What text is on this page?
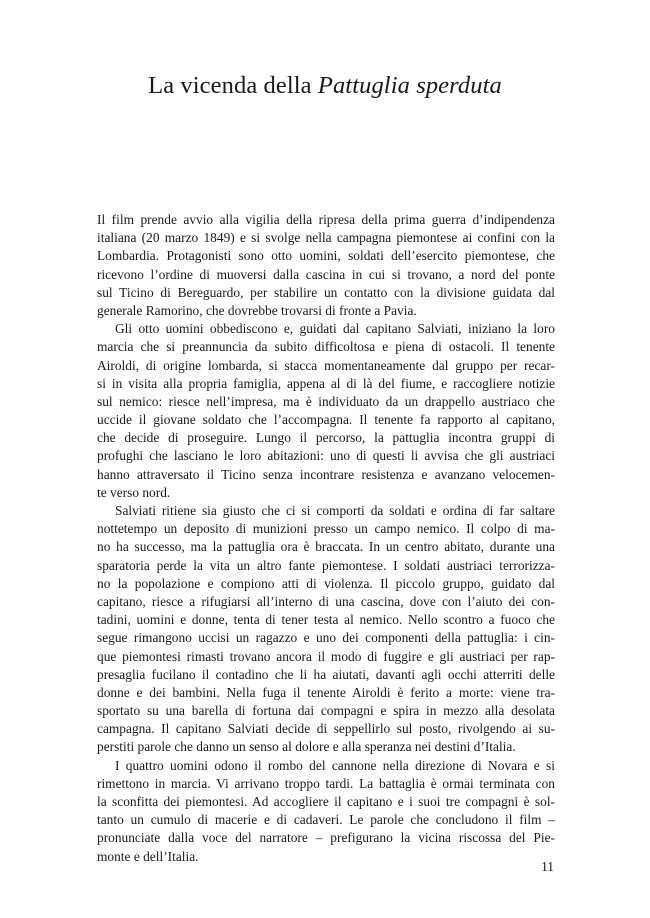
La vicenda della Pattuglia sperduta
Il film prende avvio alla vigilia della ripresa della prima guerra d’indipendenza
italiana (20 marzo 1849) e si svolge nella campagna piemontese ai confini con la
Lombardia. Protagonisti sono otto uomini, soldati dell’esercito piemontese, che
ricevono l’ordine di muoversi dalla cascina in cui si trovano, a nord del ponte
sul Ticino di Bereguardo, per stabilire un contatto con la divisione guidata dal
generale Ramorino, che dovrebbe trovarsi di fronte a Pavia.
Gli otto uomini obbediscono e, guidati dal capitano Salviati, iniziano la loro
marcia che si preannuncia da subito difficoltosa e piena di ostacoli. Il tenente
Airoldi, di origine lombarda, si stacca momentaneamente dal gruppo per recar-
si in visita alla propria famiglia, appena al di là del fiume, e raccogliere notizie
sul nemico: riesce nell’impresa, ma è individuato da un drappello austriaco che
uccide il giovane soldato che l’accompagna. Il tenente fa rapporto al capitano,
che decide di proseguire. Lungo il percorso, la pattuglia incontra gruppi di
profughi che lasciano le loro abitazioni: uno di questi li avvisa che gli austriaci
hanno attraversato il Ticino senza incontrare resistenza e avanzano velocemen-
te verso nord.
Salviati ritiene sia giusto che ci si comporti da soldati e ordina di far saltare
nottetempo un deposito di munizioni presso un campo nemico. Il colpo di ma-
no ha successo, ma la pattuglia ora è braccata. In un centro abitato, durante una
sparatoria perde la vita un altro fante piemontese. I soldati austriaci terrorizza-
no la popolazione e compiono atti di violenza. Il piccolo gruppo, guidato dal
capitano, riesce a rifugiarsi all’interno di una cascina, dove con l’aiuto dei con-
tadini, uomini e donne, tenta di tener testa al nemico. Nello scontro a fuoco che
segue rimangono uccisi un ragazzo e uno dei componenti della pattuglia: i cin-
que piemontesi rimasti trovano ancora il modo di fuggire e gli austriaci per rap-
presaglia fucilano il contadino che li ha aiutati, davanti agli occhi atterriti delle
donne e dei bambini. Nella fuga il tenente Airoldi è ferito a morte: viene tra-
sportato su una barella di fortuna dai compagni e spira in mezzo alla desolata
campagna. Il capitano Salviati decide di seppellirlo sul posto, rivolgendo ai su-
perstiti parole che danno un senso al dolore e alla speranza nei destini d’Italia.
I quattro uomini odono il rombo del cannone nella direzione di Novara e si
rimettono in marcia. Vi arrivano troppo tardi. La battaglia è ormai terminata con
la sconfitta dei piemontesi. Ad accogliere il capitano e i suoi tre compagni è sol-
tanto un cumulo di macerie e di cadaveri. Le parole che concludono il film –
pronunciate dalla voce del narratore – prefigurano la vicina riscossa del Pie-
monte e dell’Italia.
11
